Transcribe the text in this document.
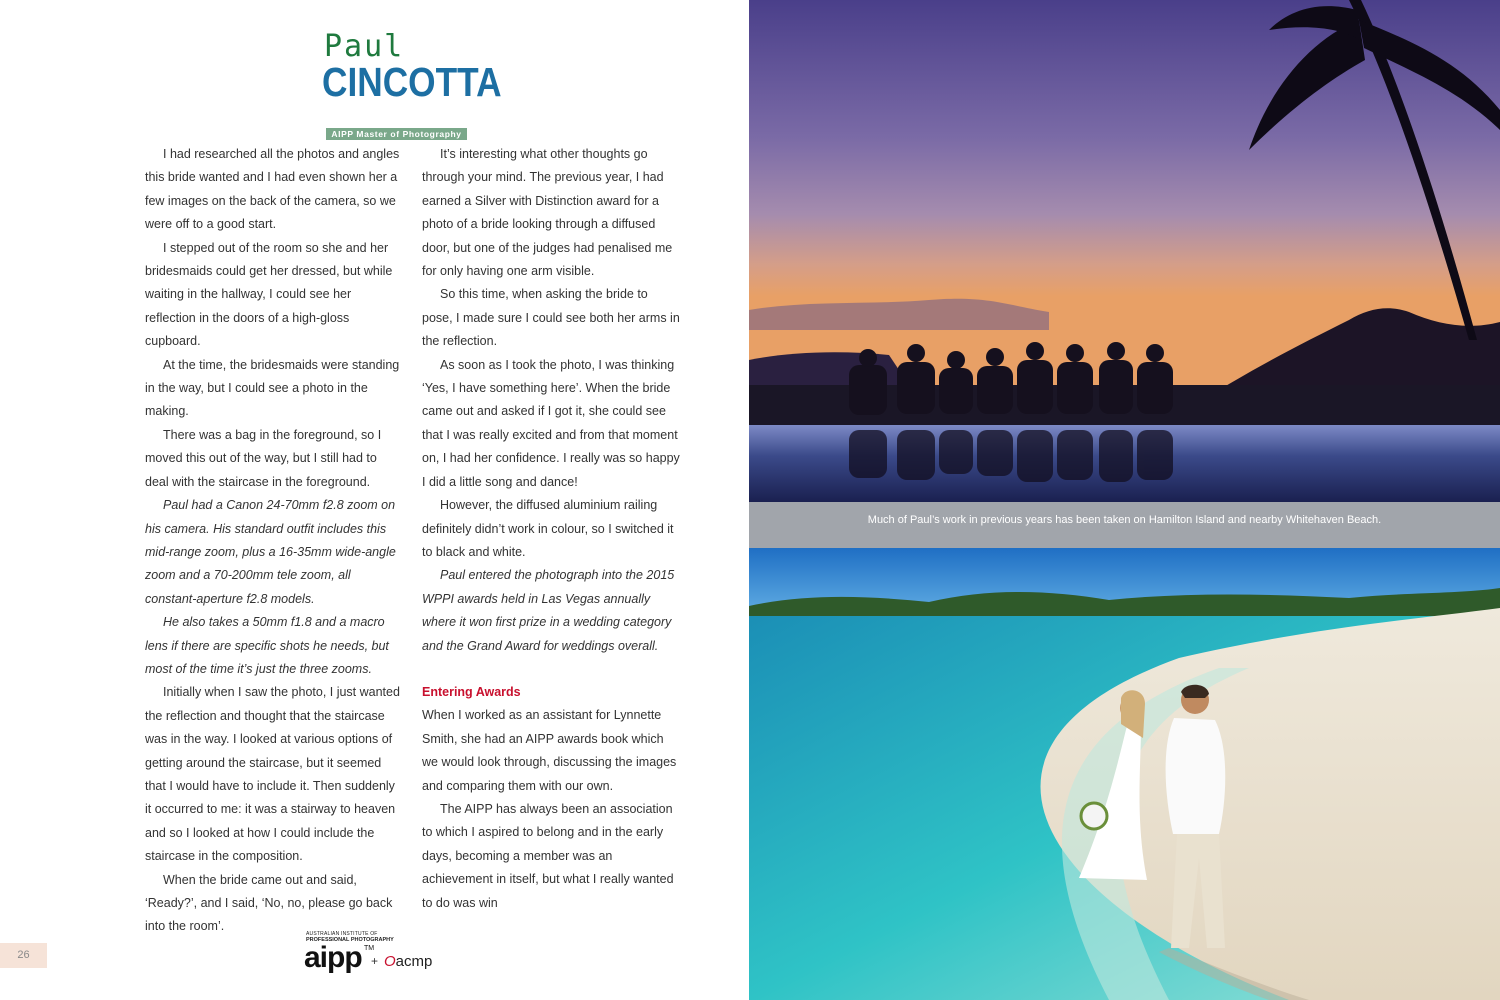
Paul
CINCOTTA
AIPP Master of Photography

I had researched all the photos and angles this bride wanted and I had even shown her a few images on the back of the camera, so we were off to a good start.

I stepped out of the room so she and her bridesmaids could get her dressed, but while waiting in the hallway, I could see her reflection in the doors of a high-gloss cupboard.

At the time, the bridesmaids were standing in the way, but I could see a photo in the making.

There was a bag in the foreground, so I moved this out of the way, but I still had to deal with the staircase in the foreground.

Paul had a Canon 24-70mm f2.8 zoom on his camera. His standard outfit includes this mid-range zoom, plus a 16-35mm wide-angle zoom and a 70-200mm tele zoom, all constant-aperture f2.8 models.

He also takes a 50mm f1.8 and a macro lens if there are specific shots he needs, but most of the time it’s just the three zooms.

Initially when I saw the photo, I just wanted the reflection and thought that the staircase was in the way. I looked at various options of getting around the staircase, but it seemed that I would have to include it. Then suddenly it occurred to me: it was a stairway to heaven and so I looked at how I could include the staircase in the composition.

When the bride came out and said, ‘Ready?’, and I said, ‘No, no, please go back into the room’.

It’s interesting what other thoughts go through your mind. The previous year, I had earned a Silver with Distinction award for a photo of a bride looking through a diffused door, but one of the judges had penalised me for only having one arm visible.

So this time, when asking the bride to pose, I made sure I could see both her arms in the reflection.

As soon as I took the photo, I was thinking ‘Yes, I have something here’. When the bride came out and asked if I got it, she could see that I was really excited and from that moment on, I had her confidence. I really was so happy I did a little song and dance!

However, the diffused aluminium railing definitely didn’t work in colour, so I switched it to black and white.

Paul entered the photograph into the 2015 WPPI awards held in Las Vegas annually where it won first prize in a wedding category and the Grand Award for weddings overall.

Entering Awards

When I worked as an assistant for Lynnette Smith, she had an AIPP awards book which we would look through, discussing the images and comparing them with our own.

The AIPP has always been an association to which I aspired to belong and in the early days, becoming a member was an achievement in itself, but what I really wanted to do was win

26
AUSTRALIAN INSTITUTE OF
PROFESSIONAL PHOTOGRAPHY
aipp TM
+ Oacmp
Much of Paul’s work in previous years has been taken on Hamilton Island and nearby Whitehaven Beach.
